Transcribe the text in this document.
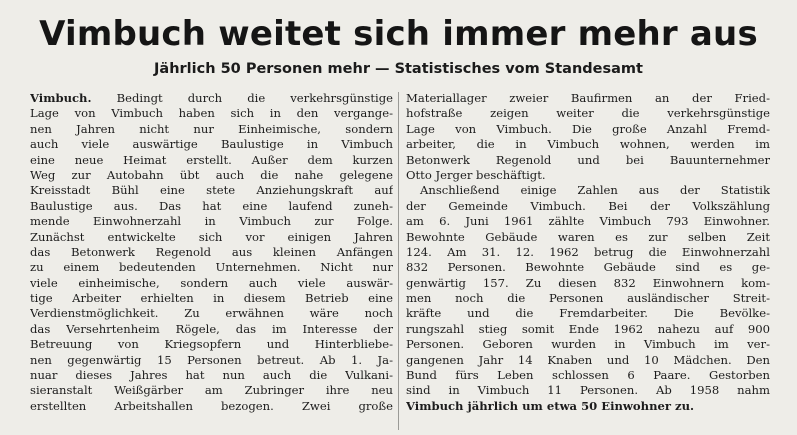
Vimbuch weitet sich immer mehr aus
Jährlich 50 Personen mehr — Statistisches vom Standesamt
Vimbuch. Bedingt durch die verkehrsgünstige
Lage von Vimbuch haben sich in den vergange-
nen Jahren nicht nur Einheimische, sondern
auch viele auswärtige Baulustige in Vimbuch
eine neue Heimat erstellt. Außer dem kurzen
Weg zur Autobahn übt auch die nahe gelegene
Kreisstadt Bühl eine stete Anziehungskraft auf
Baulustige aus. Das hat eine laufend zuneh-
mende Einwohnerzahl in Vimbuch zur Folge.
Zunächst entwickelte sich vor einigen Jahren
das Betonwerk Regenold aus kleinen Anfängen
zu einem bedeutenden Unternehmen. Nicht nur
viele einheimische, sondern auch viele auswär-
tige Arbeiter erhielten in diesem Betrieb eine
Verdienstmöglichkeit. Zu erwähnen wäre noch
das Versehrtenheim Rögele, das im Interesse der
Betreuung von Kriegsopfern und Hinterbliebe-
nen gegenwärtig 15 Personen betreut. Ab 1. Ja-
nuar dieses Jahres hat nun auch die Vulkani-
sieranstalt Weißgärber am Zubringer ihre neu
erstellten Arbeitshallen bezogen. Zwei große
Materiallager zweier Baufirmen an der Fried-
hofstraße zeigen weiter die verkehrsgünstige
Lage von Vimbuch. Die große Anzahl Fremd-
arbeiter, die in Vimbuch wohnen, werden im
Betonwerk Regenold und bei Bauunternehmer
Otto Jerger beschäftigt.
Anschließend einige Zahlen aus der Statistik
der Gemeinde Vimbuch. Bei der Volkszählung
am 6. Juni 1961 zählte Vimbuch 793 Einwohner.
Bewohnte Gebäude waren es zur selben Zeit
124. Am 31. 12. 1962 betrug die Einwohnerzahl
832 Personen. Bewohnte Gebäude sind es ge-
genwärtig 157. Zu diesen 832 Einwohnern kom-
men noch die Personen ausländischer Streit-
kräfte und die Fremdarbeiter. Die Bevölke-
rungszahl stieg somit Ende 1962 nahezu auf 900
Personen. Geboren wurden in Vimbuch im ver-
gangenen Jahr 14 Knaben und 10 Mädchen. Den
Bund fürs Leben schlossen 6 Paare. Gestorben
sind in Vimbuch 11 Personen. Ab 1958 nahm
Vimbuch jährlich um etwa 50 Einwohner zu.
